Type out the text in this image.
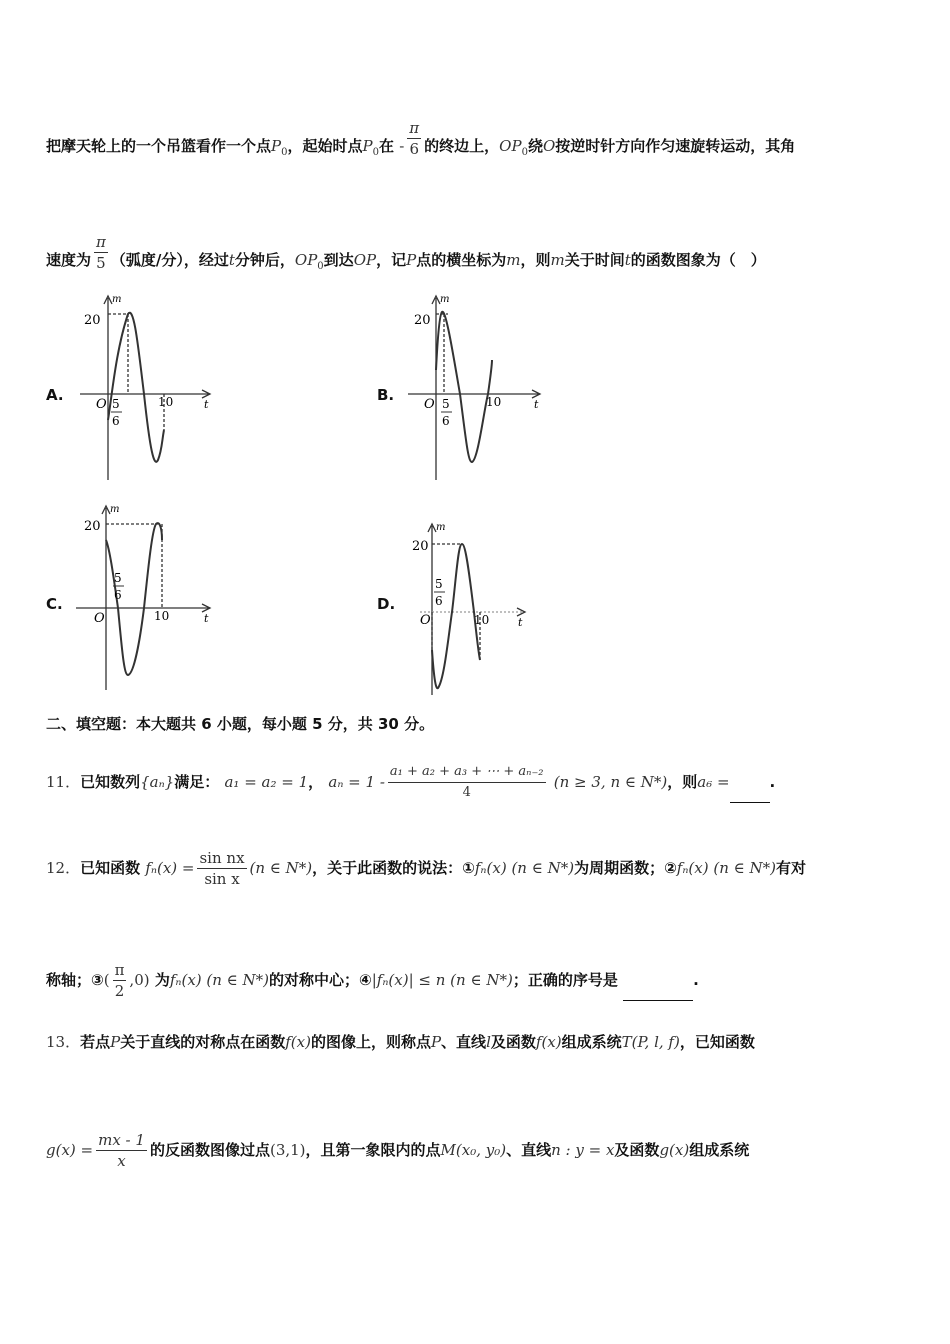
把摩天轮上的一个吊篮看作一个点$P_0$，起始时点$P_0$在 - $\frac{\pi}{6}$ 的终边上，$OP_0$绕O按逆时针方向作匀速旋转运动，其角
速度为 $\frac{\pi}{5}$ （弧度/分），经过t分钟后，$OP_0$到达OP，记P点的横坐标为m，则m关于时间t的函数图象为（　）
A.	B.
C.	D.
m
20
O 5
6
10	t
m
20
O 5
6
10	t
m
20
O
5
6
10	t
m
20
O
5
6
10	t
二、填空题：本大题共 6 小题，每小题 5 分，共 30 分。
11．已知数列{aₙ}满足： a₁ = a₂ = 1， $a_n = 1 - \frac{\text{a₁ + a₂ + a₃ + ⋯ + aₙ₋₂}}{4} (n \ge 3$, n ∈ N*)，则a₆ =	.
12．已知函数 $f_n(x) = \frac{\text{sin nx}}{\text{sin x}} (n$ ∈ N*)，关于此函数的说法：①fₙ(x) (n ∈ N*)为周期函数；②fₙ(x) (n ∈ N*)有对
称轴；③( $\frac{\pi}{2} ,0$) 为fₙ(x) (n ∈ N*)的对称中心；④|fₙ(x)| ≤ n (n ∈ N*)；正确的序号是	.
13．若点P关于直线的对称点在函数f(x)的图像上，则称点P、直线l及函数f(x)组成系统T(P, l, f)，已知函数
$g(x) = \frac{mx - 1}{x}$ 的反函数图像过点(3,1)，且第一象限内的点M(x₀, y₀)、直线n : y = x及函数g(x)组成系统
